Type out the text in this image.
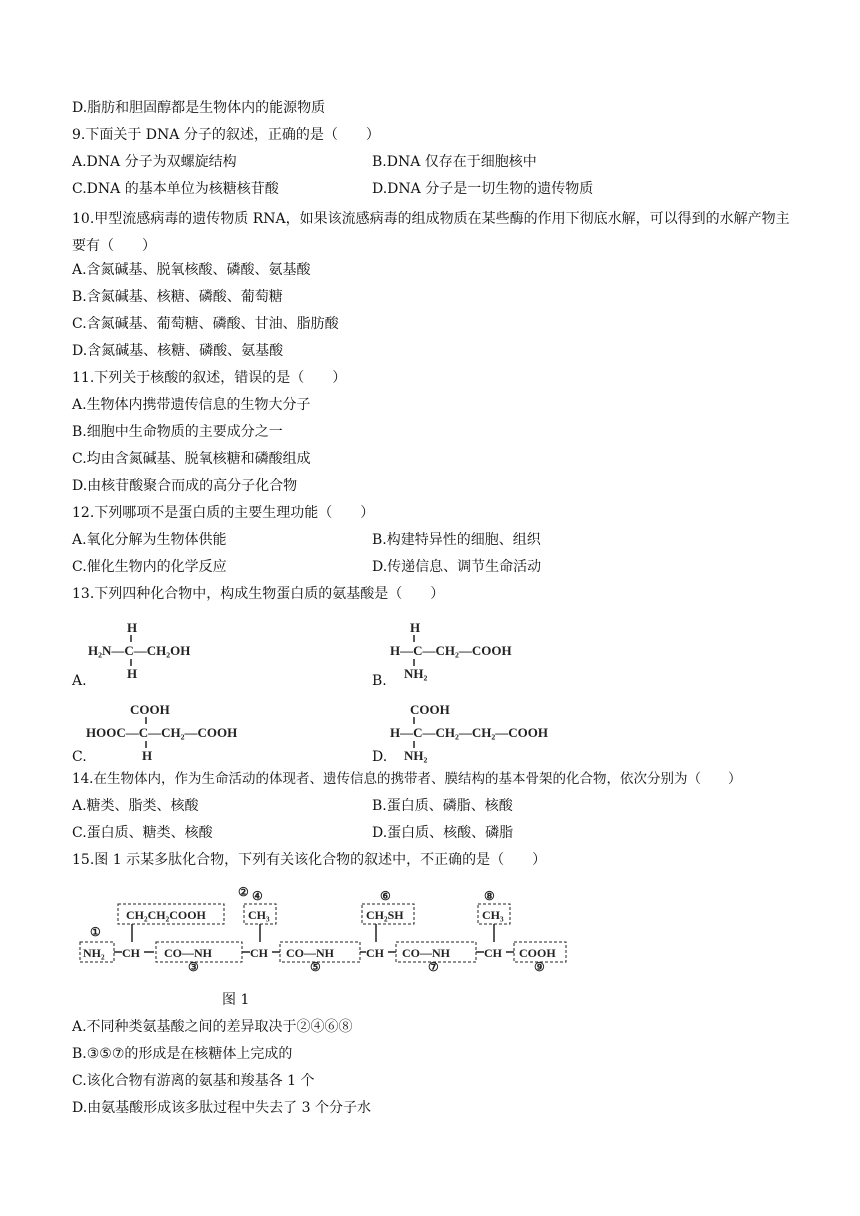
D.脂肪和胆固醇都是生物体内的能源物质
9.下面关于 DNA 分子的叙述，正确的是（　　）
A.DNA 分子为双螺旋结构	B.DNA 仅存在于细胞核中
C.DNA 的基本单位为核糖核苷酸	D.DNA 分子是一切生物的遗传物质
10.甲型流感病毒的遗传物质 RNA，如果该流感病毒的组成物质在某些酶的作用下彻底水解，可以得到的水解产物主要有（　　）
A.含氮碱基、脱氧核酸、磷酸、氨基酸
B.含氮碱基、核糖、磷酸、葡萄糖
C.含氮碱基、葡萄糖、磷酸、甘油、脂肪酸
D.含氮碱基、核糖、磷酸、氨基酸
11.下列关于核酸的叙述，错误的是（　　）
A.生物体内携带遗传信息的生物大分子
B.细胞中生命物质的主要成分之一
C.均由含氮碱基、脱氧核糖和磷酸组成
D.由核苷酸聚合而成的高分子化合物
12.下列哪项不是蛋白质的主要生理功能（　　）
A.氧化分解为生物体供能	B.构建特异性的细胞、组织
C.催化生物内的化学反应	D.传递信息、调节生命活动
13.下列四种化合物中，构成生物蛋白质的氨基酸是（　　）
H
H₂N—C—CH₂OH
H
A.
H
H—C—CH₂—COOH
NH₂
B.
COOH
HOOC—C—CH₂—COOH
H
C.
COOH
H—C—CH₂—CH₂—COOH
NH₂
D.
14.在生物体内，作为生命活动的体现者、遗传信息的携带者、膜结构的基本骨架的化合物，依次分别为（　　）
A.糖类、脂类、核酸	B.蛋白质、磷脂、核酸
C.蛋白质、糖类、核酸	D.蛋白质、核酸、磷脂
15.图 1 示某多肽化合物，下列有关该化合物的叙述中，不正确的是（　　）
② ④	⑥	⑧
①
③	⑤	⑦	⑨
CH₂CH₂COOH	CH₃	CH₂SH	CH₃
NH₂ CH CO—NH	CH CO—NH	CH CO—NH	CH COOH
图 1
A.不同种类氨基酸之间的差异取决于②④⑥⑧
B.③⑤⑦的形成是在核糖体上完成的
C.该化合物有游离的氨基和羧基各 1 个
D.由氨基酸形成该多肽过程中失去了 3 个分子水
